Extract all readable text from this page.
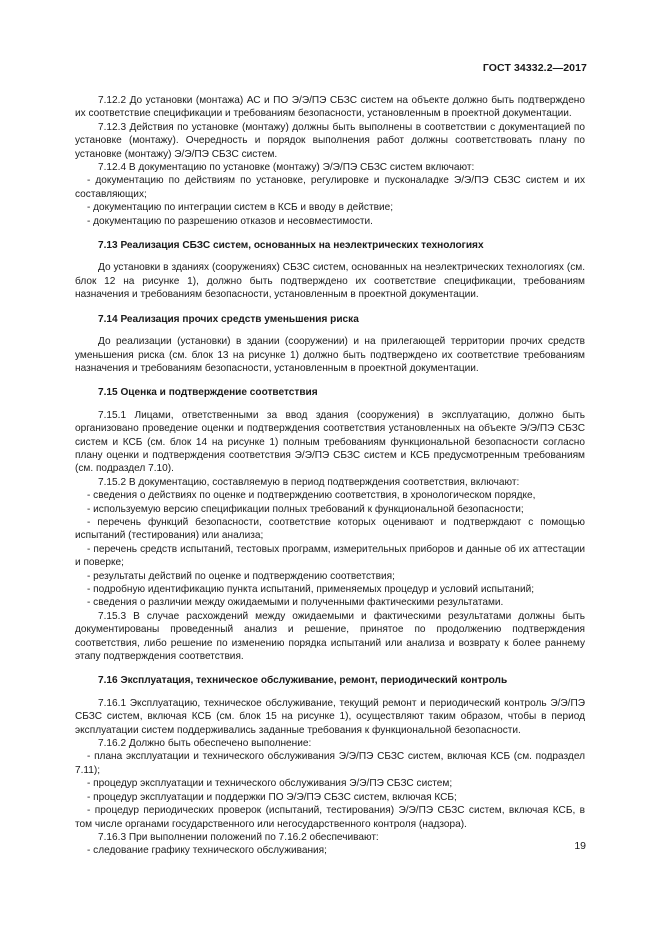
ГОСТ 34332.2—2017

7.12.2 До установки (монтажа) АС и ПО Э/Э/ПЭ СБЗС систем на объекте должно быть подтверждено их соответствие спецификации и требованиям безопасности, установленным в проектной документации.

7.12.3 Действия по установке (монтажу) должны быть выполнены в соответствии с документацией по установке (монтажу). Очередность и порядок выполнения работ должны соответствовать плану по установке (монтажу) Э/Э/ПЭ СБЗС систем.

7.12.4 В документацию по установке (монтажу) Э/Э/ПЭ СБЗС систем включают:

- документацию по действиям по установке, регулировке и пусконаладке Э/Э/ПЭ СБЗС систем и их составляющих;

- документацию по интеграции систем в КСБ и вводу в действие;

- документацию по разрешению отказов и несовместимости.

7.13 Реализация СБЗС систем, основанных на неэлектрических технологиях

До установки в зданиях (сооружениях) СБЗС систем, основанных на неэлектрических технологиях (см. блок 12 на рисунке 1), должно быть подтверждено их соответствие спецификации, требованиям назначения и требованиям безопасности, установленным в проектной документации.

7.14 Реализация прочих средств уменьшения риска

До реализации (установки) в здании (сооружении) и на прилегающей территории прочих средств уменьшения риска (см. блок 13 на рисунке 1) должно быть подтверждено их соответствие требованиям назначения и требованиям безопасности, установленным в проектной документации.

7.15 Оценка и подтверждение соответствия

7.15.1 Лицами, ответственными за ввод здания (сооружения) в эксплуатацию, должно быть организовано проведение оценки и подтверждения соответствия установленных на объекте Э/Э/ПЭ СБЗС систем и КСБ (см. блок 14 на рисунке 1) полным требованиям функциональной безопасности согласно плану оценки и подтверждения соответствия Э/Э/ПЭ СБЗС систем и КСБ предусмотренным требованиям (см. подраздел 7.10).

7.15.2 В документацию, составляемую в период подтверждения соответствия, включают:

- сведения о действиях по оценке и подтверждению соответствия, в хронологическом порядке,

- используемую версию спецификации полных требований к функциональной безопасности;

- перечень функций безопасности, соответствие которых оценивают и подтверждают с помощью испытаний (тестирования) или анализа;

- перечень средств испытаний, тестовых программ, измерительных приборов и данные об их аттестации и поверке;

- результаты действий по оценке и подтверждению соответствия;

- подробную идентификацию пункта испытаний, применяемых процедур и условий испытаний;

- сведения о различии между ожидаемыми и полученными фактическими результатами.

7.15.3 В случае расхождений между ожидаемыми и фактическими результатами должны быть документированы проведенный анализ и решение, принятое по продолжению подтверждения соответствия, либо решение по изменению порядка испытаний или анализа и возврату к более раннему этапу подтверждения соответствия.

7.16 Эксплуатация, техническое обслуживание, ремонт, периодический контроль

7.16.1 Эксплуатацию, техническое обслуживание, текущий ремонт и периодический контроль Э/Э/ПЭ СБЗС систем, включая КСБ (см. блок 15 на рисунке 1), осуществляют таким образом, чтобы в период эксплуатации систем поддерживались заданные требования к функциональной безопасности.

7.16.2 Должно быть обеспечено выполнение:

- плана эксплуатации и технического обслуживания Э/Э/ПЭ СБЗС систем, включая КСБ (см. подраздел 7.11);

- процедур эксплуатации и технического обслуживания Э/Э/ПЭ СБЗС систем;

- процедур эксплуатации и поддержки ПО Э/Э/ПЭ СБЗС систем, включая КСБ;

- процедур периодических проверок (испытаний, тестирования) Э/Э/ПЭ СБЗС систем, включая КСБ, в том числе органами государственного или негосударственного контроля (надзора).

7.16.3 При выполнении положений по 7.16.2 обеспечивают:

- следование графику технического обслуживания;	19
